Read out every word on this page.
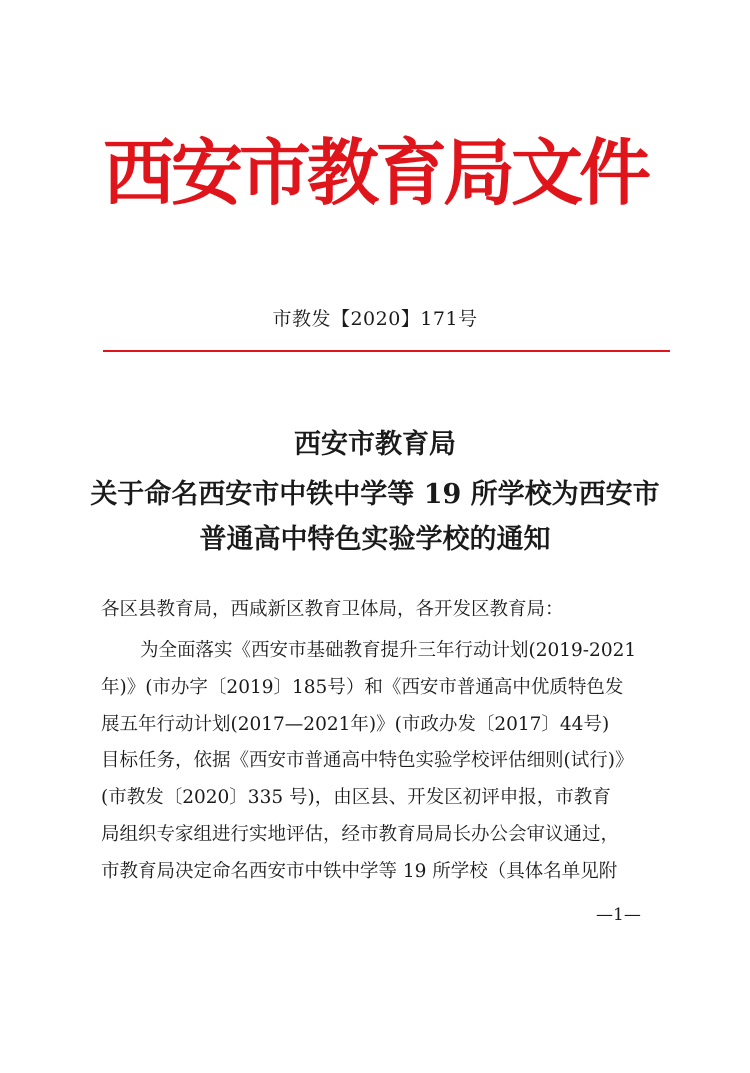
西安市教育局文件
市教发【2020】171号
西安市教育局
关于命名西安市中铁中学等 19 所学校为西安市
普通高中特色实验学校的通知
各区县教育局，西咸新区教育卫体局，各开发区教育局：
为全面落实《西安市基础教育提升三年行动计划(2019-2021
年)》(市办字〔2019〕185号）和《西安市普通高中优质特色发
展五年行动计划(2017—2021年)》(市政办发〔2017〕44号)
目标任务，依据《西安市普通高中特色实验学校评估细则(试行)》
(市教发〔2020〕335 号)，由区县、开发区初评申报，市教育
局组织专家组进行实地评估，经市教育局局长办公会审议通过，
市教育局决定命名西安市中铁中学等 19 所学校（具体名单见附
—1—
